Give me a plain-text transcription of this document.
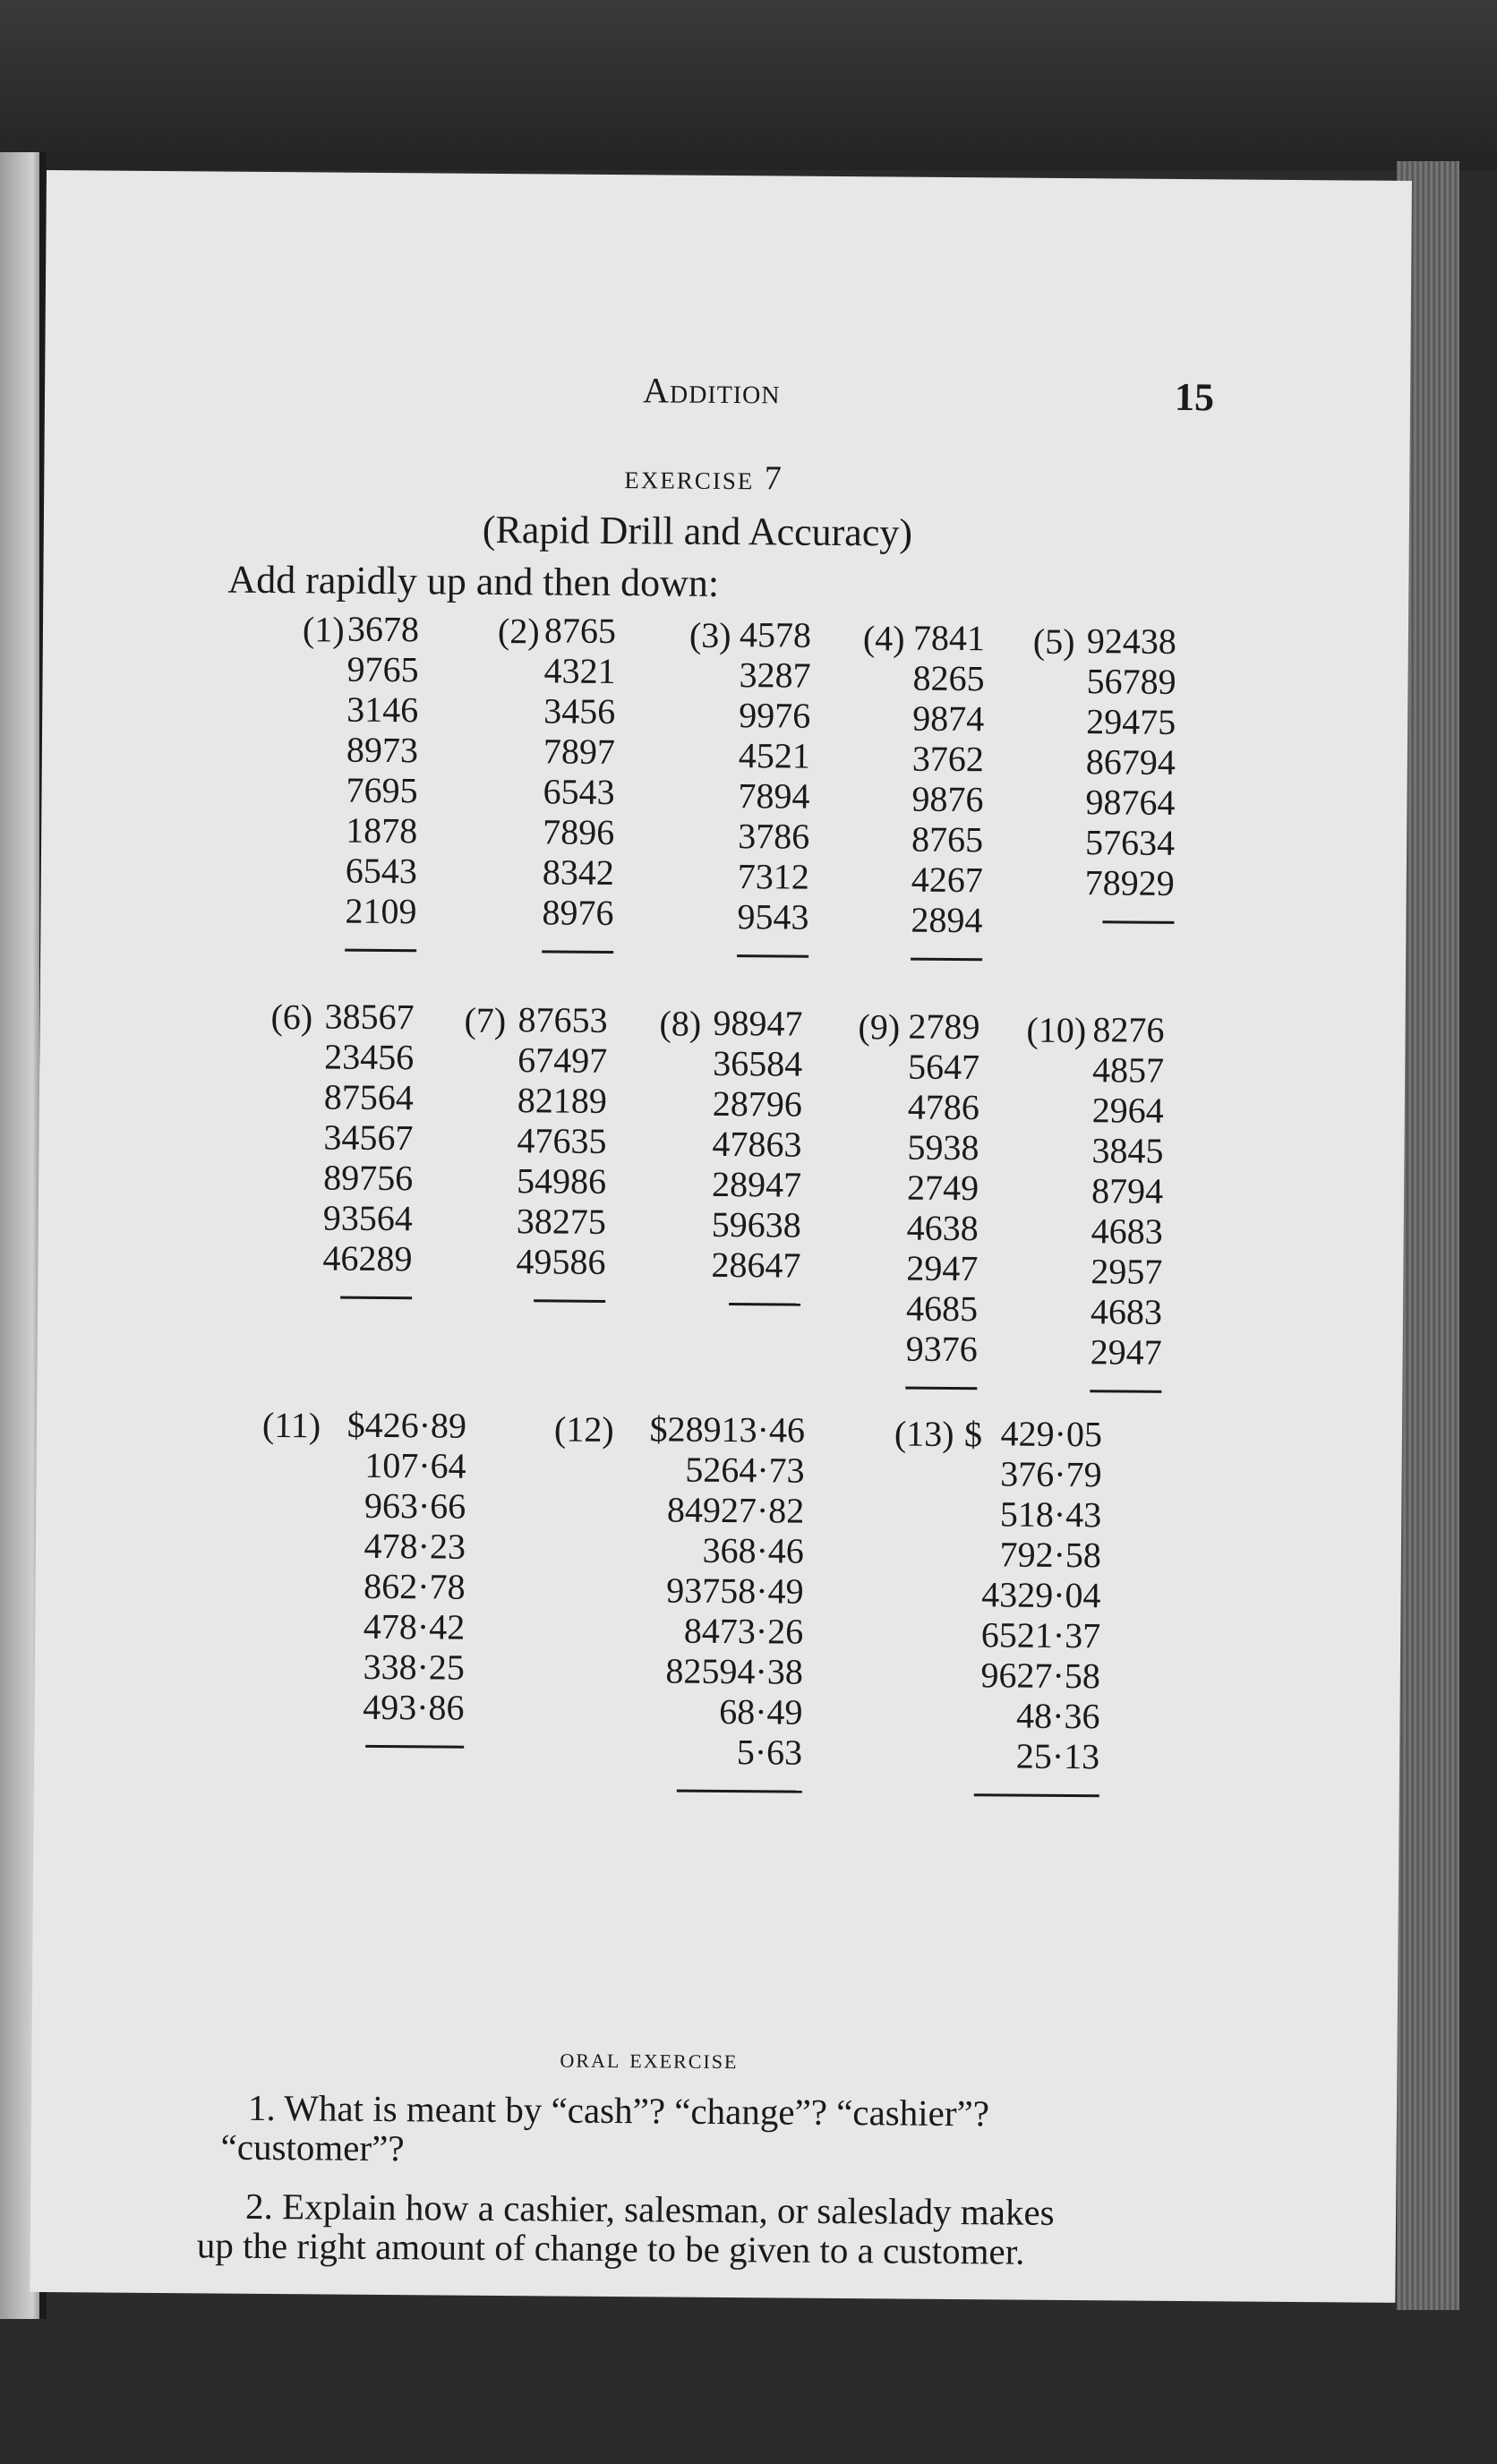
Addition	15
exercise 7
(Rapid Drill and Accuracy)
Add rapidly up and then down:
(1) 3678
9765
3146
8973
7695
1878
6543
2109
(2) 8765
4321
3456
7897
6543
7896
8342
8976
(3) 4578
3287
9976
4521
7894
3786
7312
9543
(4) 7841
8265
9874
3762
9876
8765
4267
2894
(5) 92438
56789
29475
86794
98764
57634
78929
(6) 38567
23456
87564
34567
89756
93564
46289
(7) 87653
67497
82189
47635
54986
38275
49586
(8) 98947
36584
28796
47863
28947
59638
28647
(9) 2789
5647
4786
5938
2749
4638
2947
4685
9376
(10) 8276
4857
2964
3845
8794
4683
2957
4683
2947
(11) $426·89
107·64
963·66
478·23
862·78
478·42
338·25
493·86
(12) $28913·46
5264·73
84927·82
368·46
93758·49
8473·26
82594·38
68·49
5·63
(13) $ 429·05
376·79
518·43
792·58
4329·04
6521·37
9627·58
48·36
25·13
oral exercise
1. What is meant by “cash”? “change”? “cashier”?
“customer”?
2. Explain how a cashier, salesman, or saleslady makes
up the right amount of change to be given to a customer.
